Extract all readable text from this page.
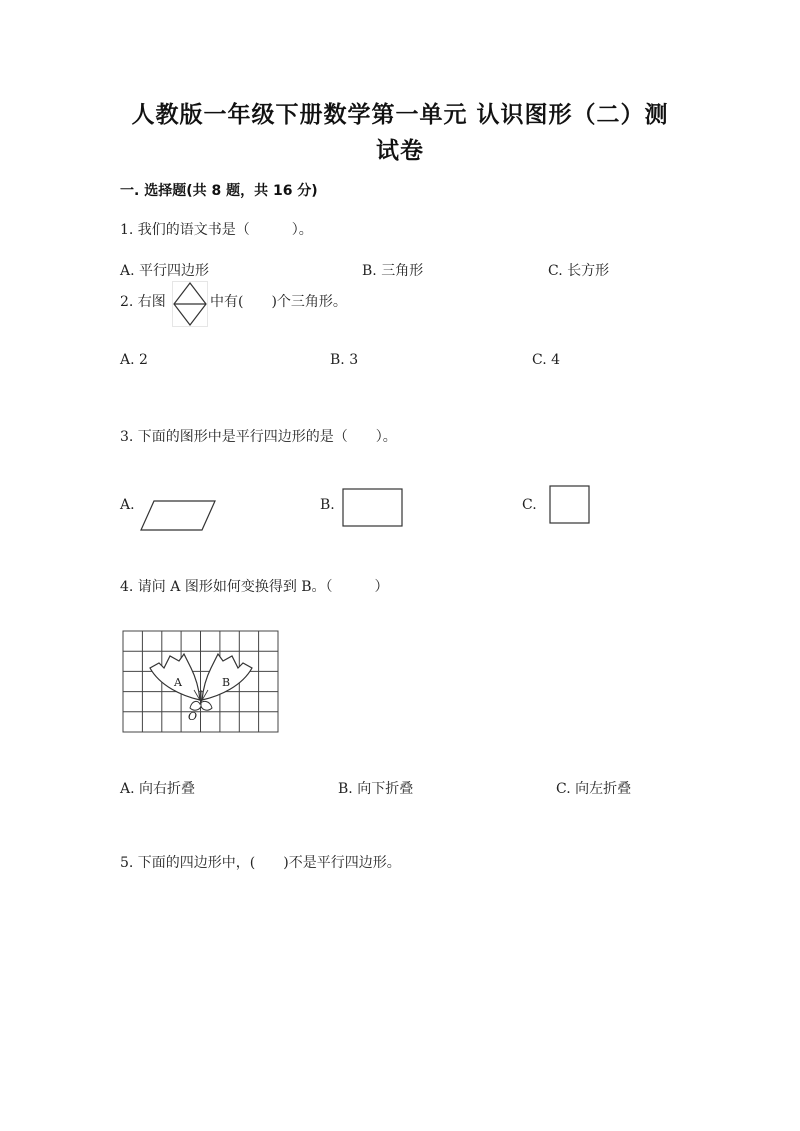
人教版一年级下册数学第一单元 认识图形（二）测
试卷
一. 选择题(共 8 题，共 16 分)
1. 我们的语文书是（　　　）。
A. 平行四边形	B. 三角形	C. 长方形
2. 右图	中有(　　)个三角形。
A. 2	B. 3	C. 4
3. 下面的图形中是平行四边形的是（　　）。
A.	B.	C.
4. 请问 A 图形如何变换得到 B。（　　　）
A	B
O
A. 向右折叠	B. 向下折叠	C. 向左折叠
5. 下面的四边形中，(　　)不是平行四边形。
